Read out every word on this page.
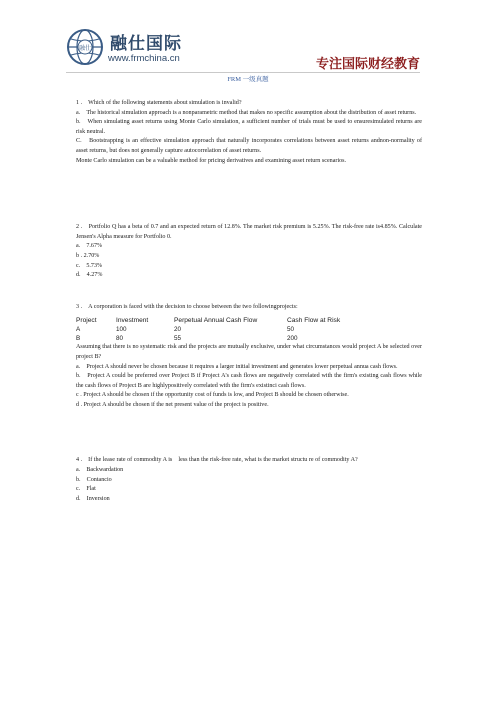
融仕 融仕国际
www.frmchina.cn	专注国际财经教育
FRM 一级真题

1 .　Which of the following statements about simulation is invalid?

a.　The historical simulation approach is a nonparametric method that makes no specific assumption about the distribution of asset returns.

b.　When simulating asset returns using Monte Carlo simulation, a sufficient number of trials must be used to ensuresimulated returns are risk neutral.

C.　Bootstrapping is an effective simulation approach that naturally incorporates correlations between asset returns andnon-normality of asset returns, but does not generally capture autocorrelation of asset returns.

Monte Carlo simulation can be a valuable method for pricing derivatives and examining asset return scenarios.

2 .　Portfolio Q has a beta of 0.7 and an expected return of 12.8%. The market risk premium is 5.25%. The risk-free rate is4.85%. Calculate Jensen's Alpha measure for Portfolio 0.

a.　7.67%

b . 2.70%

c.　5.73%

d.　4.27%

3 .　A corporation is faced with the decision to choose between the two followingprojects:

Project	Investment	Perpetual Annual Cash Flow	Cash Flow at Risk
A	100	20	50
B	80	55	200

Assuming that there is no systematic risk and the projects are mutually exclusive, under what circumstances would project A be selected over project B?

a.　Project A should never be chosen because it requires a larger initial investment and generates lower perpetual annua cash flows.

b.　Project A could be preferred over Project B if Project A's cash flows are negatively correlated with the firm's existing cash flows while the cash flows of Project B are highlypositively correlated with the firm's existinci cash flows.

c . Project A should be chosen if the opportunity cost of funds is low, and Project B should be chosen otherwise.

d . Project A should be chosen if the net present value of the project is positive.

4 .　If the lease rate of commodity A is　less than the risk-free rate, what is the market structu re of commodity A?

a.　Backwardation

b.　Contancio

c.　Flat

d.　Inversion
